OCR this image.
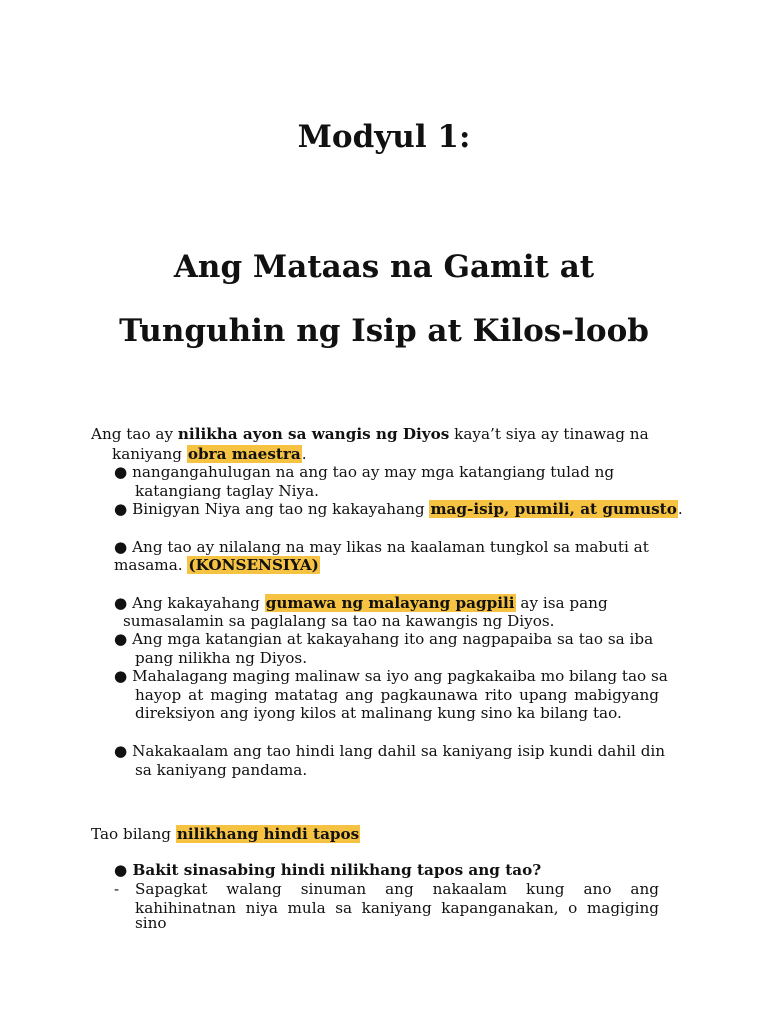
Modyul 1:
Ang Mataas na Gamit at
Tunguhin ng Isip at Kilos-loob
Ang tao ay nilikha ayon sa wangis ng Diyos kaya’t siya ay tinawag na
kaniyang obra maestra.
● nangangahulugan na ang tao ay may mga katangiang tulad ng
katangiang taglay Niya.
● Binigyan Niya ang tao ng kakayahang mag-isip, pumili, at gumusto.
● Ang tao ay nilalang na may likas na kaalaman tungkol sa mabuti at
masama. (KONSENSIYA)
● Ang kakayahang gumawa ng malayang pagpili ay isa pang
sumasalamin sa paglalang sa tao na kawangis ng Diyos.
● Ang mga katangian at kakayahang ito ang nagpapaiba sa tao sa iba
pang nilikha ng Diyos.
● Mahalagang maging malinaw sa iyo ang pagkakaiba mo bilang tao sa
hayop at maging matatag ang pagkaunawa rito upang mabigyang
direksiyon ang iyong kilos at malinang kung sino ka bilang tao.
● Nakakaalam ang tao hindi lang dahil sa kaniyang isip kundi dahil din
sa kaniyang pandama.
Tao bilang nilikhang hindi tapos
● Bakit sinasabing hindi nilikhang tapos ang tao?
- Sapagkat walang sinuman ang nakaalam kung ano ang
kahihinatnan niya mula sa kaniyang kapanganakan, o magiging sino
